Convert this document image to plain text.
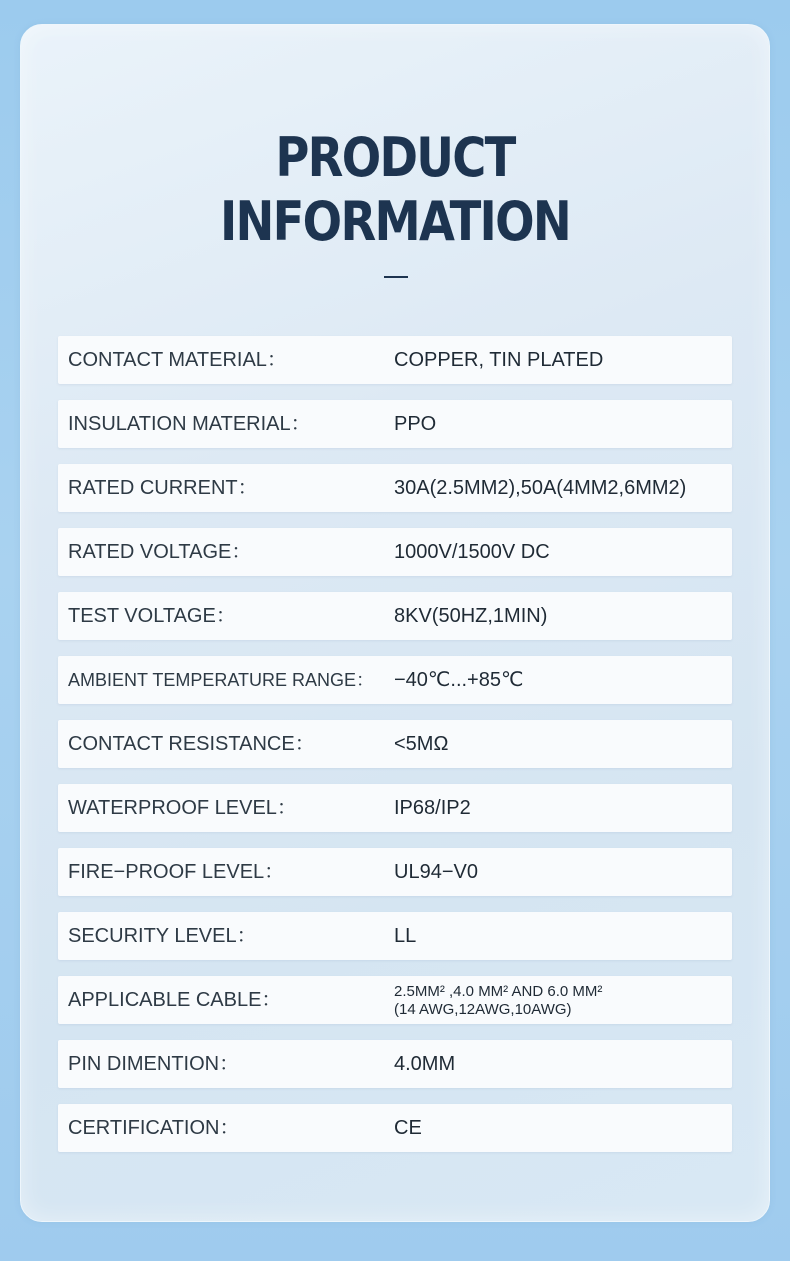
PRODUCT
INFORMATION
CONTACT MATERIAL：	COPPER, TIN PLATED
INSULATION MATERIAL：	PPO
RATED CURRENT：	30A(2.5MM2),50A(4MM2,6MM2)
RATED VOLTAGE：	1000V/1500V DC
TEST VOLTAGE：	8KV(50HZ,1MIN)
AMBIENT TEMPERATURE RANGE： −40℃...+85℃
CONTACT RESISTANCE：	<5MΩ
WATERPROOF LEVEL：	IP68/IP2
FIRE−PROOF LEVEL：	UL94−V0
SECURITY LEVEL：	LL
APPLICABLE CABLE：	2.5MM² ,4.0 MM² AND 6.0 MM²
(14 AWG,12AWG,10AWG)
PIN DIMENTION：	4.0MM
CERTIFICATION：	CE
